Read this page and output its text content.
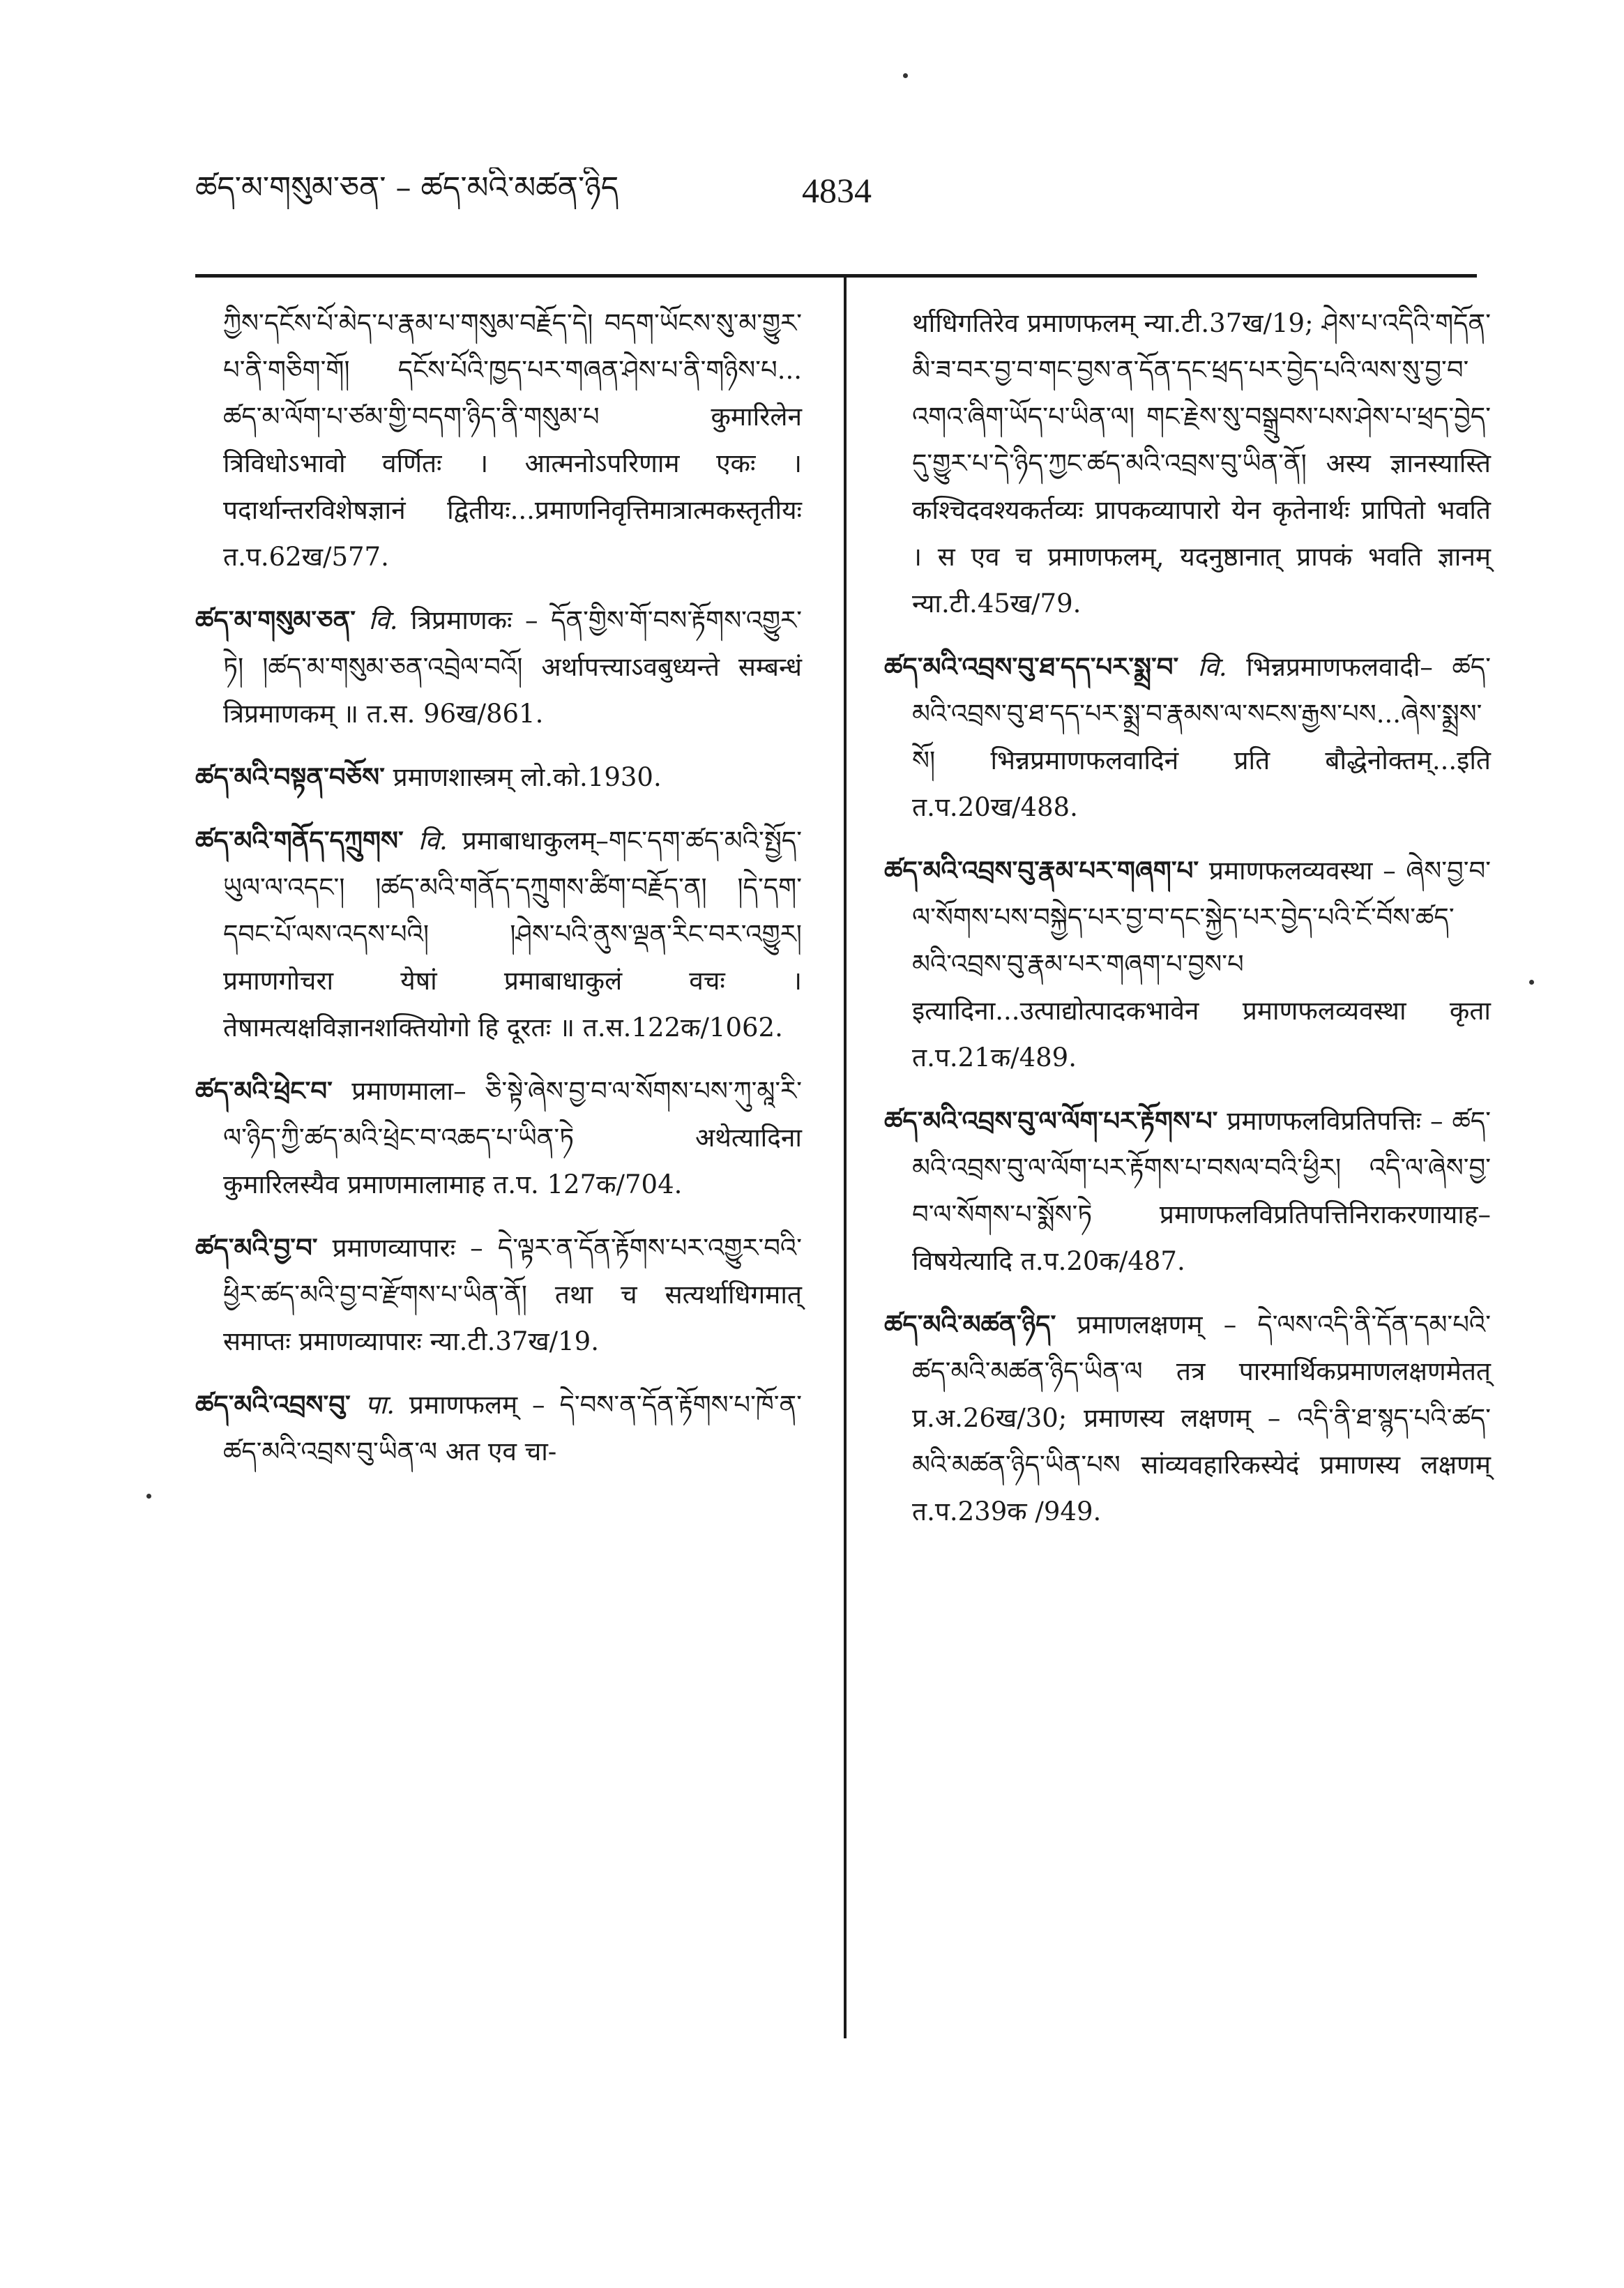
ཚད་མ་གསུམ་ཅན་ – ཚད་མའི་མཚན་ཉིད	4834

ཀྱིས་དངོས་པོ་མེད་པ་རྣམ་པ་གསུམ་བརྗོད་དེ། བདག་ཡོངས་སུ་མ་གྱུར་པ་ནི་གཅིག་གོ། དངོས་པོའི་ཁྱད་པར་གཞན་ཤེས་པ་ནི་གཉིས་པ... ཚད་མ་ལོག་པ་ཙམ་གྱི་བདག་ཉིད་ནི་གསུམ་པ कुमारिलेन त्रिविधोऽभावो वर्णितः । आत्मनोऽपरिणाम एकः । पदार्थान्तरविशेषज्ञानं द्वितीयः...प्रमाणनिवृत्तिमात्रात्मकस्तृतीयः त.प.62ख/577.

ཚད་མ་གསུམ་ཅན་ वि. त्रिप्रमाणकः – དོན་གྱིས་གོ་བས་རྟོགས་འགྱུར་ཏེ། །ཚད་མ་གསུམ་ཅན་འབྲེལ་བའོ། अर्थापत्त्याऽवबुध्यन्ते सम्बन्धं त्रिप्रमाणकम् ॥ त.स. 96ख/861.

ཚད་མའི་བསྟན་བཅོས་ प्रमाणशास्त्रम् लो.को.1930.

ཚད་མའི་གནོད་དཀྲུགས་ वि. प्रमाबाधाकुलम्–གང་དག་ཚད་མའི་སྤྱོད་ཡུལ་ལ་འདང་། །ཚད་མའི་གནོད་དཀྲུགས་ཚིག་བརྗོད་ན། །དེ་དག་དབང་པོ་ལས་འདས་པའི། །ཤེས་པའི་ནུས་ལྡན་རིང་བར་འགྱུར། प्रमाणगोचरा येषां प्रमाबाधाकुलं वचः । तेषामत्यक्षविज्ञानशक्तियोगो हि दूरतः ॥ त.स.122क/1062.

ཚད་མའི་ཕྲེང་བ་ प्रमाणमाला– ཅི་སྟེ་ཞེས་བྱ་བ་ལ་སོགས་པས་ཀུ་མཱ་རི་ལ་ཉིད་ཀྱི་ཚད་མའི་ཕྲེང་བ་འཆད་པ་ཡིན་ཏེ अथेत्यादिना कुमारिलस्यैव प्रमाणमालामाह त.प. 127क/704.

ཚད་མའི་བྱ་བ་ प्रमाणव्यापारः – དེ་ལྟར་ན་དོན་རྟོགས་པར་འགྱུར་བའི་ཕྱིར་ཚད་མའི་བྱ་བ་རྫོགས་པ་ཡིན་ནོ། तथा च सत्यर्थाधिगमात् समाप्तः प्रमाणव्यापारः न्या.टी.37ख/19.

ཚད་མའི་འབྲས་བུ་ पा. प्रमाणफलम् – དེ་བས་ན་དོན་རྟོགས་པ་ཁོ་ན་ཚད་མའི་འབྲས་བུ་ཡིན་ལ अत एव चा-

र्थाधिगतिरेव प्रमाणफलम् न्या.टी.37ख/19; ཤེས་པ་འདིའི་གདོན་མི་ཟ་བར་བྱ་བ་གང་བྱས་ན་དོན་དང་ཕྲད་པར་བྱེད་པའི་ལས་སུ་བྱ་བ་འགའ་ཞིག་ཡོད་པ་ཡིན་ལ། གང་རྗེས་སུ་བསྒྲུབས་པས་ཤེས་པ་ཕྲད་བྱེད་དུ་གྱུར་པ་དེ་ཉིད་ཀྱང་ཚད་མའི་འབྲས་བུ་ཡིན་ནོ། अस्य ज्ञानस्यास्ति कश्चिदवश्यकर्तव्यः प्रापकव्यापारो येन कृतेनार्थः प्रापितो भवति । स एव च प्रमाणफलम्, यदनुष्ठानात् प्रापकं भवति ज्ञानम् न्या.टी.45ख/79.

ཚད་མའི་འབྲས་བུ་ཐ་དད་པར་སྨྲ་བ་ वि. भिन्नप्रमाणफलवादी– ཚད་མའི་འབྲས་བུ་ཐ་དད་པར་སྨྲ་བ་རྣམས་ལ་སངས་རྒྱས་པས...ཞེས་སྨྲས་སོ། भिन्नप्रमाणफलवादिनं प्रति बौद्धेनोक्तम्...इति त.प.20ख/488.

ཚད་མའི་འབྲས་བུ་རྣམ་པར་གཞག་པ་ प्रमाणफलव्यवस्था – ཞེས་བྱ་བ་ལ་སོགས་པས་བསྐྱེད་པར་བྱ་བ་དང་སྐྱེད་པར་བྱེད་པའི་ངོ་བོས་ཚད་མའི་འབྲས་བུ་རྣམ་པར་གཞག་པ་བྱས་པ इत्यादिना...उत्पाद्योत्पादकभावेन प्रमाणफलव्यवस्था कृता त.प.21क/489.

ཚད་མའི་འབྲས་བུ་ལ་ལོག་པར་རྟོགས་པ་ प्रमाणफलविप्रतिपत्तिः – ཚད་མའི་འབྲས་བུ་ལ་ལོག་པར་རྟོགས་པ་བསལ་བའི་ཕྱིར། འདི་ལ་ཞེས་བྱ་བ་ལ་སོགས་པ་སྨོས་ཏེ प्रमाणफलविप्रतिपत्तिनिराकरणायाह–विषयेत्यादि त.प.20क/487.

ཚད་མའི་མཚན་ཉིད་ प्रमाणलक्षणम् – དེ་ལས་འདི་ནི་དོན་དམ་པའི་ཚད་མའི་མཚན་ཉིད་ཡིན་ལ तत्र पारमार्थिकप्रमाणलक्षणमेतत् प्र.अ.26ख/30; प्रमाणस्य लक्षणम् – འདི་ནི་ཐ་སྙད་པའི་ཚད་མའི་མཚན་ཉིད་ཡིན་པས सांव्यवहारिकस्येदं प्रमाणस्य लक्षणम् त.प.239क /949.
